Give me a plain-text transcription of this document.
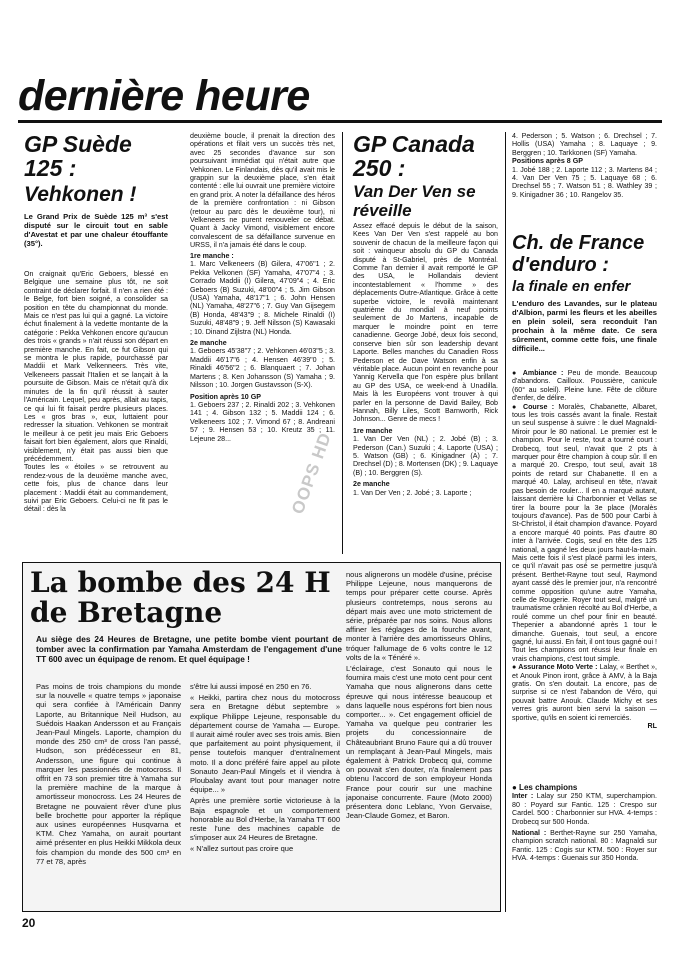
dernière heure
GP Suède
125 :
Vehkonen !
Le Grand Prix de Suède 125 m³ s'est disputé sur le circuit tout en sable d'Avestat et par une chaleur étouffante (35°).

On craignait qu'Eric Geboers, blessé en Belgique une semaine plus tôt, ne soit contraint de déclarer forfait. Il n'en a rien été : le Belge, fort bien soigné, a consolider sa position en tête du championnat du monde. Mais ce n'est pas lui qui a gagné. La victoire échut finalement à la vedette montante de la catégorie : Pekka Vehkonen encore qu'aucun des trois « grands » n'ait réussi son départ en première manche. En fait, ce fut Gibson qui se montra le plus rapide, pourchassé par Maddii et Mark Velkenneers. Très vite, Velkeneers passait l'Italien et se lançait à la poursuite de Gibson. Mais ce n'était qu'à dix minutes de la fin qu'il réussit à sauter l'Américain. Lequel, peu après, allait au tapis, ce qui lui fit faisait perdre plusieurs places. Les « gros bras », eux, luttaient pour redresser la situation. Vehkonen se montrait le meilleur à ce petit jeu mais Eric Geboers faisait fort bien également, alors que Rinaldi, visiblement, n'y était pas aussi bien que précédemment.

Toutes les « étoiles » se retrouvent au rendez-vous de la deuxième manche avec, cette fois, plus de chance dans leur placement : Maddii était au commandement, suivi par Eric Geboers. Celui-ci ne fit pas le détail : dès la

deuxième boucle, il prenait la direction des opérations et filait vers un succès très net, avec 25 secondes d'avance sur son poursuivant immédiat qui n'était autre que Vehkonen. Le Finlandais, dès qu'il avait mis le grappin sur la deuxième place, s'en était contenté : elle lui ouvrait une première victoire en grand prix. A noter la défaillance des héros de la première confrontation : ni Gibson (retour au parc dès le deuxième tour), ni Velkeneers ne purent renouveler ce débat. Quant à Jacky Vimond, visiblement encore convalescent de sa défaillance survenue en URSS, il n'a jamais été dans le coup.

1re manche :

1. Marc Velkeneers (B) Gilera, 47'06"1 ; 2. Pekka Velkonen (SF) Yamaha, 47'07"4 ; 3. Corrado Maddii (I) Gilera, 47'09"4 ; 4. Eric Geboers (B) Suzuki, 48'00"4 ; 5. Jim Gibson (USA) Yamaha, 48'17"1 ; 6. John Hensen (NL) Yamaha, 48'27"6 ; 7. Guy Van Gijsegem (B) Honda, 48'43"9 ; 8. Michele Rinaldi (I) Suzuki, 48'48"9 ; 9. Jeff Nilsson (S) Kawasaki ; 10. Dinand Zijlstra (NL) Honda.

2e manche

1. Geboers 45'38"7 ; 2. Vehkonen 46'03"5 ; 3. Maddii 46'17"6 ; 4. Hensen 46'39"0 ; 5. Rinaldi 46'56"2 ; 6. Blanquaert ; 7. Johan Martens ; 8. Ken Johansson (S) Yamaha ; 9. Nilsson ; 10. Jorgen Gustavsson (S-X).

Position après 10 GP

1. Geboers 237 ; 2. Rinaldi 202 ; 3. Vehkonen 141 ; 4. Gibson 132 ; 5. Maddii 124 ; 6. Velkeneers 102 ; 7. Vimond 67 ; 8. Andreani 57 ; 9. Hensen 53 ; 10. Kreutz 35 ; 11. Lejeune 28...

GP Canada
250 :
Van Der Ven se
réveille

Assez effacé depuis le début de la saison, Kees Van Der Ven s'est rappelé au bon souvenir de chacun de la meilleure façon qui soit : vainqueur absolu du GP du Canada disputé à St-Gabriel, près de Montréal. Comme l'an dernier il avait remporté le GP des USA, le Hollandais devient incontestablement « l'homme » des déplacements Outre-Atlantique. Grâce à cette superbe victoire, le revoilà maintenant quatrième du mondial à neuf points seulement de Jo Martens, incapable de marquer le moindre point en terre canadienne. George Jobé, deux fois second, conserve bien sûr son leadership devant Laporte. Belles manches du Canadien Ross Pederson et de Dave Watson enfin à sa véritable place. Aucun point en revanche pour Yannig Kervella que l'on espère plus brillant au GP des USA, ce week-end à Unadilla. Mais là les Européens vont trouver à qui parler en la personne de David Bailey, Bob Hannah, Billy Liles, Scott Barnworth, Rick Johnson... Genre de mecs !

1re manche

1. Van Der Ven (NL) ; 2. Jobé (B) ; 3. Pederson (Can.) Suzuki ; 4. Laporte (USA) ; 5. Watson (GB) ; 6. Kinigadner (A) ; 7. Drechsel (D) ; 8. Mortensen (DK) ; 9. Laquaye (B) ; 10. Berggren (S).

2e manche

1. Van Der Ven ; 2. Jobé ; 3. Laporte ;

4. Pederson ; 5. Watson ; 6. Drechsel ; 7. Hollis (USA) Yamaha ; 8. Laquaye ; 9. Berggren ; 10. Tarkkonen (SF) Yamaha.

Positions après 8 GP

1. Jobé 188 ; 2. Laporte 112 ; 3. Martens 84 ; 4. Van Der Ven 75 ; 5. Laquaye 68 ; 6. Drechsel 55 ; 7. Watson 51 ; 8. Wathley 39 ; 9. Kinigadner 36 ; 10. Rangelov 35.

Ch. de France
d'enduro :
la finale en enfer
L'enduro des Lavandes, sur le plateau d'Albion, parmi les fleurs et les abeilles en plein soleil, sera reconduit l'an prochain à la même date. Ce sera sûrement, comme cette fois, une finale difficile...

● Ambiance : Peu de monde. Beaucoup d'abandons. Cailloux. Poussière, canicule (60° au soleil). Pleine lune. Fête de clôture d'enfer, de délire.

● Course : Moralès, Chabanette, Albaret, tous les trois cassés avant la finale. Restait un seul suspense à suivre : le duel Magnaldi-Miroir pour le 80 national. Le premier est le champion. Pour le reste, tout a tourné court : Drobecq, tout seul, n'avait que 2 pts à marquer pour être champion à coup sûr. Il en a marqué 20. Crespo, tout seul, avait 18 points de retard sur Chabanette. Il en a marqué 40. Lalay, archiseul en tête, n'avait pas besoin de rouler... Il en a marqué autant, laissant derrière lui Charbonnier et Vellas se tirer la bourre pour la 3e place (Moralès toujours d'avance). Pas de 500 pour Carbi à St-Christol, il était champion d'avance. Poyard a encore marqué 40 points. Pas d'autre 80 inter à l'arrivée. Cogis, seul en tête des 125 national, a gagné les deux jours haut-la-main. Mais cette fois il s'est placé parmi les inters, ce qu'il n'avait pas osé se permettre jusqu'à présent. Berthet-Rayne tout seul, Raymond ayant cassé dès le premier jour, n'a rencontré comme opposition qu'une autre Yamaha, celle de Rougerie. Royer tout seul, malgré un traumatisme crânien récolté au Bol d'Herbe, a roulé comme un chef pour finir en beauté. Thepenier a abandonné après 1 tour le dimanche. Guenais, tout seul, a encore gagné, lui aussi. En fait, il ont tous gagné oui ! Tout les champions ont réussi leur finale en vrais champions, c'est tout simple.

● Assurance Moto Verte : Lalay, « Berthet », et Anouk Pinon iront, grâce à AMV, à la Baja gratis. On s'en doutait. La encore, pas de surprise si ce n'est l'abandon de Véro, qui pouvait battre Anouk. Claude Michy et ses verres gris auront bien servi la saison — sportive, qu'ils en soient ici remerciés.

RL

● Les champions

Inter : Lalay sur 250 KTM, superchampion. 80 : Poyard sur Fantic. 125 : Crespo sur Cardel. 500 : Charbonnier sur HVA. 4-temps : Drobecq sur 500 Honda.

National : Berthet-Rayne sur 250 Yamaha, champion scratch national. 80 : Magnaldi sur Fantic. 125 : Cogis sur KTM. 500 : Royer sur HVA. 4-temps : Guenais sur 350 Honda.

OOPS HD
La bombe des 24 H
de Bretagne
Au siège des 24 Heures de Bretagne, une petite bombe vient pourtant de tomber avec la confirmation par Yamaha Amsterdam de l'engagement d'une TT 600 avec un équipage de renom. Et quel équipage !

Pas moins de trois champions du monde sur la nouvelle « quatre temps » japonaise qui sera confiée à l'Américain Danny Laporte, au Britannique Neil Hudson, au Suédois Haakan Andersson et au Français Jean-Paul Mingels. Laporte, champion du monde des 250 cm³ de cross l'an passé, Hudson, son prédécesseur en 81, Andersson, une figure qui continue à marquer les passionnés de motocross. Il offrit en 73 son premier titre à Yamaha sur la première machine de la marque à amortisseur monocross. Les 24 Heures de Bretagne ne pouvaient rêver d'une plus belle brochette pour apporter la réplique aux usines européennes Husqvarna et KTM. Chez Yamaha, on aurait pourtant aimé présenter en plus Heikki Mikkola deux fois champion du monde des 500 cm³ en 77 et 78, après

s'être lui aussi imposé en 250 en 76.

« Heikki, partira chez nous du motocross sera en Bretagne début septembre » explique Philippe Lejeune, responsable du département course de Yamaha — Europe. Il aurait aimé rouler avec ses trois amis. Bien que parfaitement au point physiquement, il pense toutefois manquer d'entraînement moto. Il a donc préféré faire appel au pilote Sonauto Jean-Paul Mingels et il viendra à Ploubalay avant tout pour manager notre équipe... »

Après une première sortie victorieuse à la Baja espagnole et un comportement honorable au Bol d'Herbe, la Yamaha TT 600 reste l'une des machines capable de s'imposer aux 24 Heures de Bretagne.

« N'allez surtout pas croire que

nous alignerons un modèle d'usine, précise Philippe Lejeune, nous manquerons de temps pour préparer cette course. Après plusieurs contretemps, nous serons au départ mais avec une moto strictement de série, préparée par nos soins. Nous allons affiner les réglages de la fourche avant, monter à l'arrière des amortisseurs Ohlins, tróquer l'allumage de 6 volts contre le 12 volts de la « Ténéré ».

L'éclairage, c'est Sonauto qui nous le fournira mais c'est une moto cent pour cent Yamaha que nous alignerons dans cette épreuve qui nous intéresse beaucoup et dans laquelle nous espérons fort bien nous comporter... ». Cet engagement officiel de Yamaha va quelque peu contrarier les projets du concessionnaire de Châteaubriant Bruno Faure qui a dû trouver un remplaçant à Jean-Paul Mingels, mais également à Patrick Drobecq qui, comme on pouvait s'en douter, n'a finalement pas obtenu l'accord de son employeur Honda France pour courir sur une machine japonaise concurrente. Faure (Moto 2000) présentera donc Leblanc, Yvon Gervaise, Jean-Claude Gomez, et Baron.

20
